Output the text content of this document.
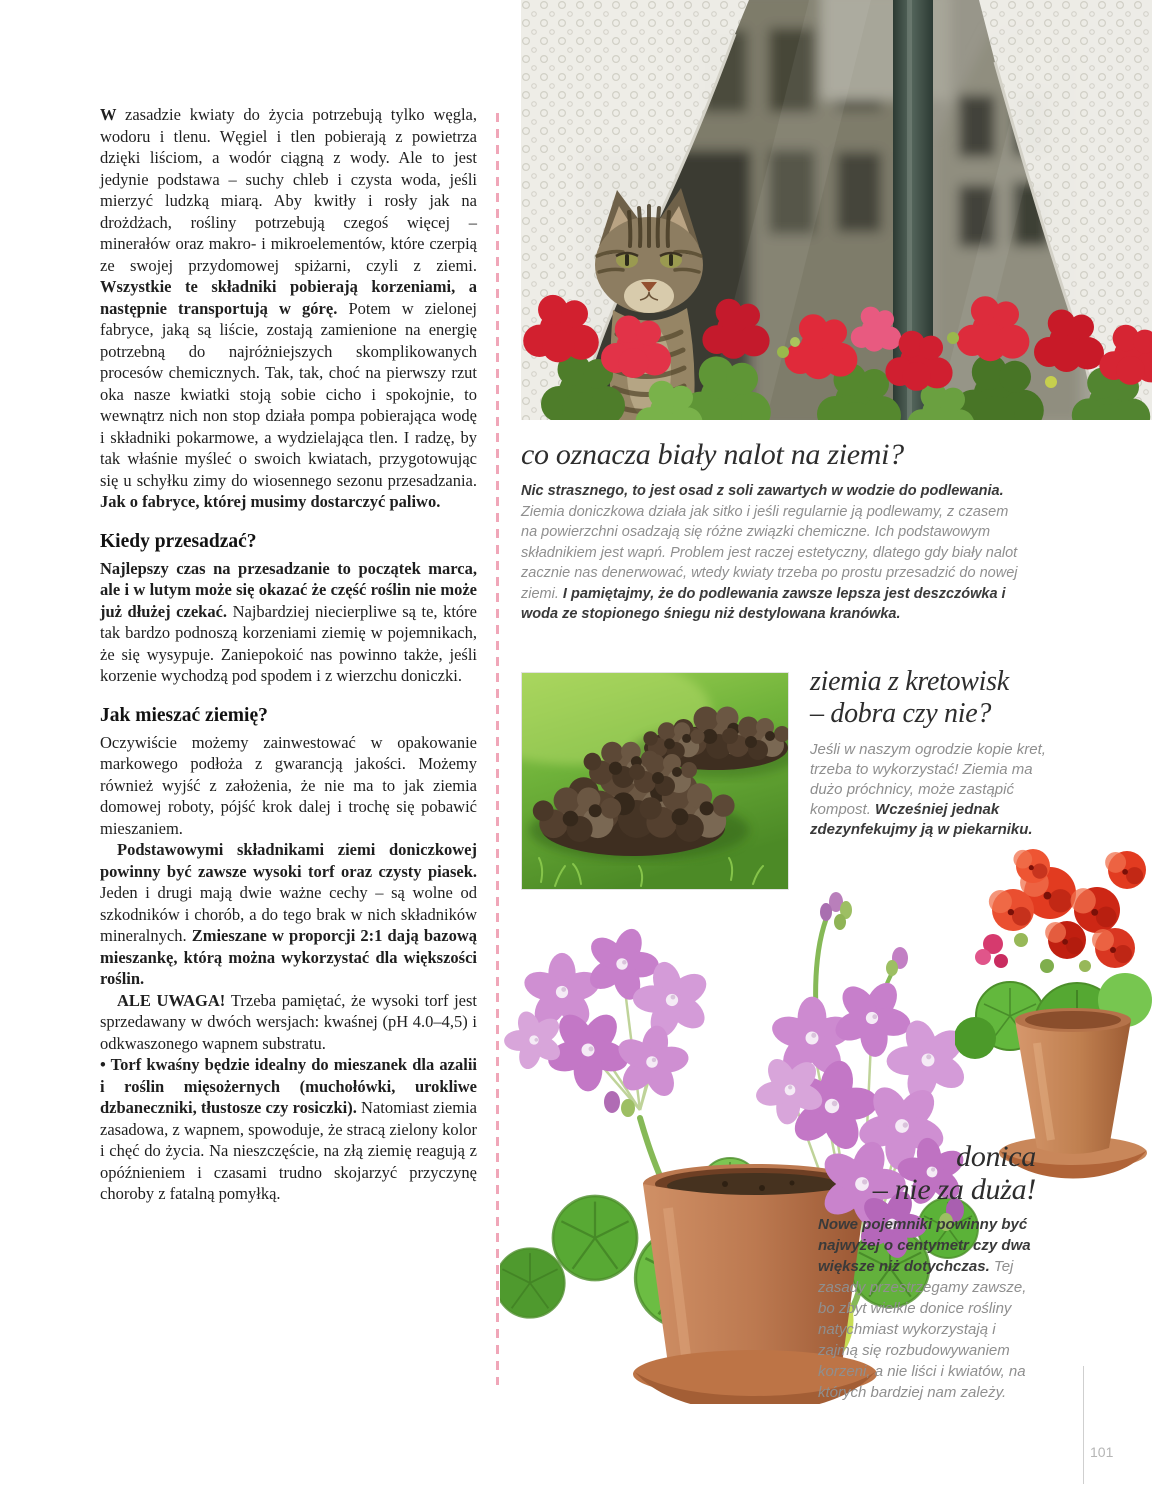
W zasadzie kwiaty do życia potrzebują tylko węgla, wodoru i tlenu. Węgiel i tlen pobierają z powietrza dzięki liściom, a wodór ciągną z wody. Ale to jest jedynie podstawa – suchy chleb i czysta woda, jeśli mierzyć ludzką miarą. Aby kwitły i rosły jak na drożdżach, rośliny potrzebują czegoś więcej – minerałów oraz makro- i mikroelementów, które czerpią ze swojej przydomowej spiżarni, czyli z ziemi. Wszystkie te składniki pobierają korzeniami, a następnie transportują w górę. Potem w zielonej fabryce, jaką są liście, zostają zamienione na energię potrzebną do najróżniejszych skomplikowanych procesów chemicznych. Tak, tak, choć na pierwszy rzut oka nasze kwiatki stoją sobie cicho i spokojnie, to wewnątrz nich non stop działa pompa pobierająca wodę i składniki pokarmowe, a wydzielająca tlen. I radzę, by tak właśnie myśleć o swoich kwiatach, przygotowując się u schyłku zimy do wiosennego sezonu przesadzania. Jak o fabryce, której musimy dostarczyć paliwo.

Kiedy przesadzać?

Najlepszy czas na przesadzanie to początek marca, ale i w lutym może się okazać że część roślin nie może już dłużej czekać. Najbardziej niecierpliwe są te, które tak bardzo podnoszą korzeniami ziemię w pojemnikach, że się wysypuje. Zaniepokoić nas powinno także, jeśli korzenie wychodzą pod spodem i z wierzchu doniczki.

Jak mieszać ziemię?

Oczywiście możemy zainwestować w opakowanie markowego podłoża z gwarancją jakości. Możemy również wyjść z założenia, że nie ma to jak ziemia domowej roboty, pójść krok dalej i trochę się pobawić mieszaniem.

Podstawowymi składnikami ziemi doniczkowej powinny być zawsze wysoki torf oraz czysty piasek. Jeden i drugi mają dwie ważne cechy – są wolne od szkodników i chorób, a do tego brak w nich składników mineralnych. Zmieszane w proporcji 2:1 dają bazową mieszankę, którą można wykorzystać dla większości roślin.

ALE UWAGA! Trzeba pamiętać, że wysoki torf jest sprzedawany w dwóch wersjach: kwaśnej (pH 4.0–4,5) i odkwaszonego wapnem substratu.

• Torf kwaśny będzie idealny do mieszanek dla azalii i roślin mięsożernych (muchołówki, urokliwe dzbaneczniki, tłustosze czy rosiczki). Natomiast ziemia zasadowa, z wapnem, spowoduje, że stracą zielony kolor i chęć do życia. Na nieszczęście, na złą ziemię reagują z opóźnieniem i czasami trudno skojarzyć przyczynę choroby z fatalną pomyłką.

co oznacza biały nalot na ziemi?

Nic strasznego, to jest osad z soli zawartych w wodzie do podlewania. Ziemia doniczkowa działa jak sitko i jeśli regularnie ją podlewamy, z czasem na powierzchni osadzają się różne związki chemiczne. Ich podstawowym składnikiem jest wapń. Problem jest raczej estetyczny, dlatego gdy biały nalot zacznie nas denerwować, wtedy kwiaty trzeba po prostu przesadzić do nowej ziemi. I pamiętajmy, że do podlewania zawsze lepsza jest deszczówka i woda ze stopionego śniegu niż destylowana kranówka.

ziemia z kretowisk
– dobra czy nie?

Jeśli w naszym ogrodzie kopie kret, trzeba to wykorzystać! Ziemia ma dużo próchnicy, może zastąpić kompost. Wcześniej jednak zdezynfekujmy ją w piekarniku.

donica
– nie za duża!

Nowe pojemniki powinny być najwyżej o centymetr czy dwa większe niż dotychczas. Tej zasady przestrzegamy zawsze, bo zbyt wielkie donice rośliny natychmiast wykorzystają i zajmą się rozbudowywaniem korzeni, a nie liści i kwiatów, na których bardziej nam zależy.

101
